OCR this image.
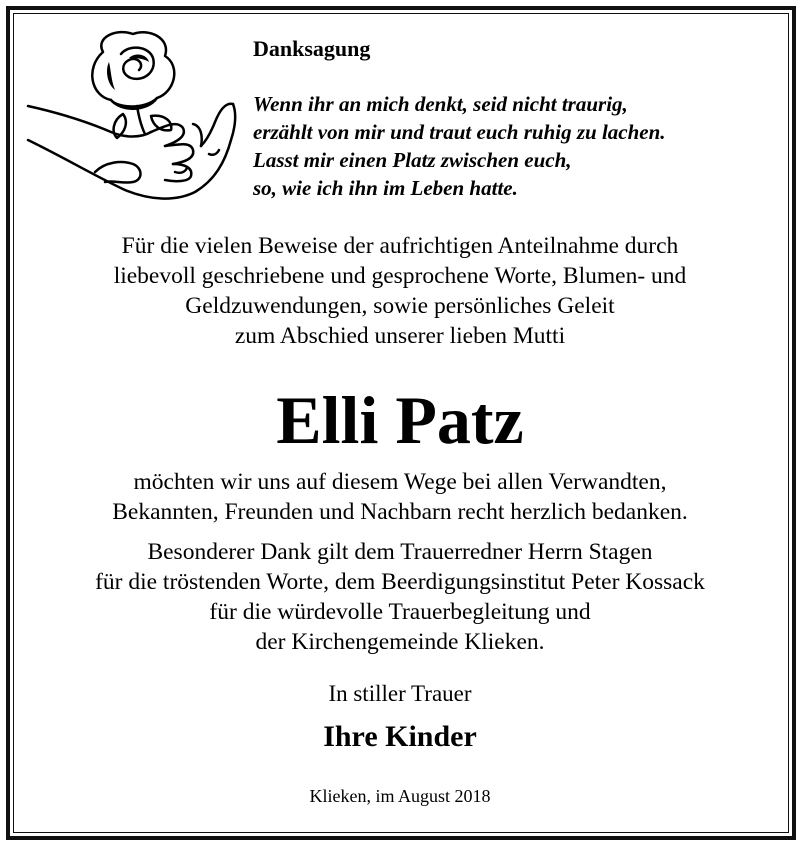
Danksagung
Wenn ihr an mich denkt, seid nicht traurig,
erzählt von mir und traut euch ruhig zu lachen.
Lasst mir einen Platz zwischen euch,
so, wie ich ihn im Leben hatte.
Für die vielen Beweise der aufrichtigen Anteilnahme durch
liebevoll geschriebene und gesprochene Worte, Blumen- und
Geldzuwendungen, sowie persönliches Geleit
zum Abschied unserer lieben Mutti
Elli Patz
möchten wir uns auf diesem Wege bei allen Verwandten,
Bekannten, Freunden und Nachbarn recht herzlich bedanken.
Besonderer Dank gilt dem Trauerredner Herrn Stagen
für die tröstenden Worte, dem Beerdigungsinstitut Peter Kossack
für die würdevolle Trauerbegleitung und
der Kirchengemeinde Klieken.
In stiller Trauer
Ihre Kinder
Klieken, im August 2018
